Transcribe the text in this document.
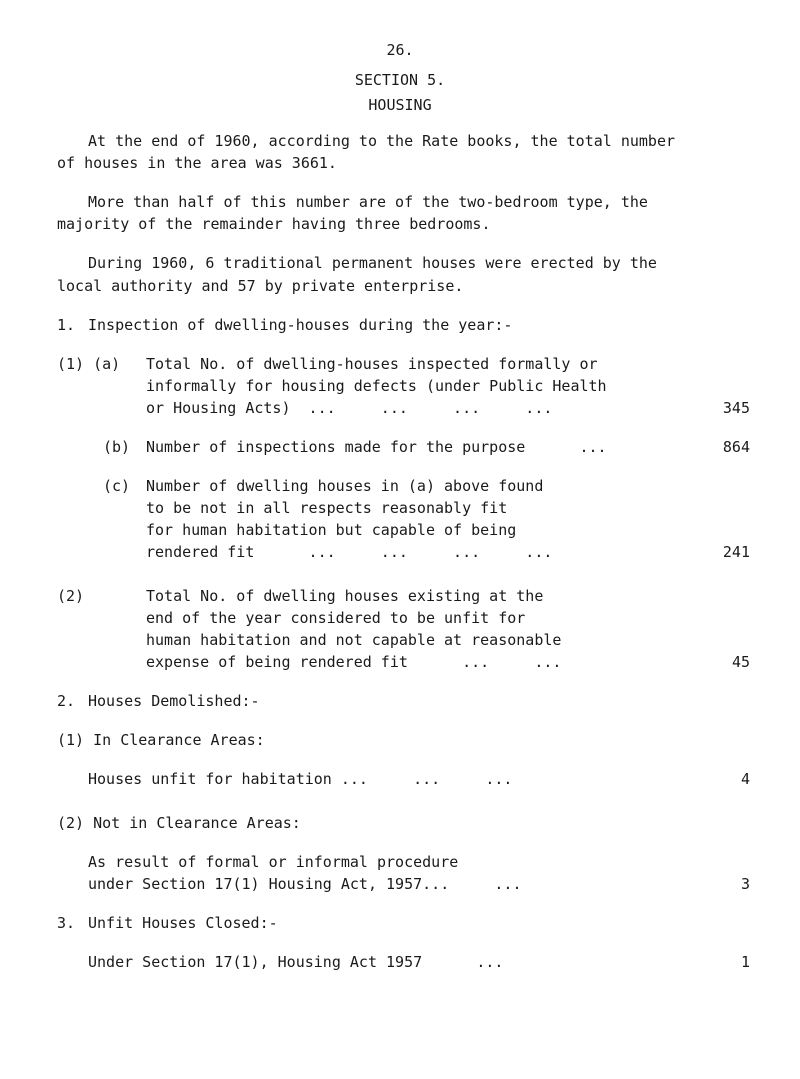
26.
SECTION 5.
HOUSING
At the end of 1960, according to the Rate books, the total number
of houses in the area was 3661.
More than half of this number are of the two-bedroom type, the
majority of the remainder having three bedrooms.
During 1960, 6 traditional permanent houses were erected by the
local authority and 57 by private enterprise.
1. Inspection of dwelling-houses during the year:-
(1) (a) Total No. of dwelling-houses inspected formally or
informally for housing defects (under Public Health
or Housing Acts)  ...     ...     ...     ...	345
(b) Number of inspections made for the purpose      ...	864
(c) Number of dwelling houses in (a) above found
to be not in all respects reasonably fit
for human habitation but capable of being
rendered fit      ...     ...     ...     ...	241
(2)	Total No. of dwelling houses existing at the
end of the year considered to be unfit for
human habitation and not capable at reasonable
expense of being rendered fit      ...     ...	45
2. Houses Demolished:-
(1) In Clearance Areas:
Houses unfit for habitation ...     ...     ...	4
(2) Not in Clearance Areas:
As result of formal or informal procedure
under Section 17(1) Housing Act, 1957...     ...	3
3. Unfit Houses Closed:-
Under Section 17(1), Housing Act 1957      ...	1
